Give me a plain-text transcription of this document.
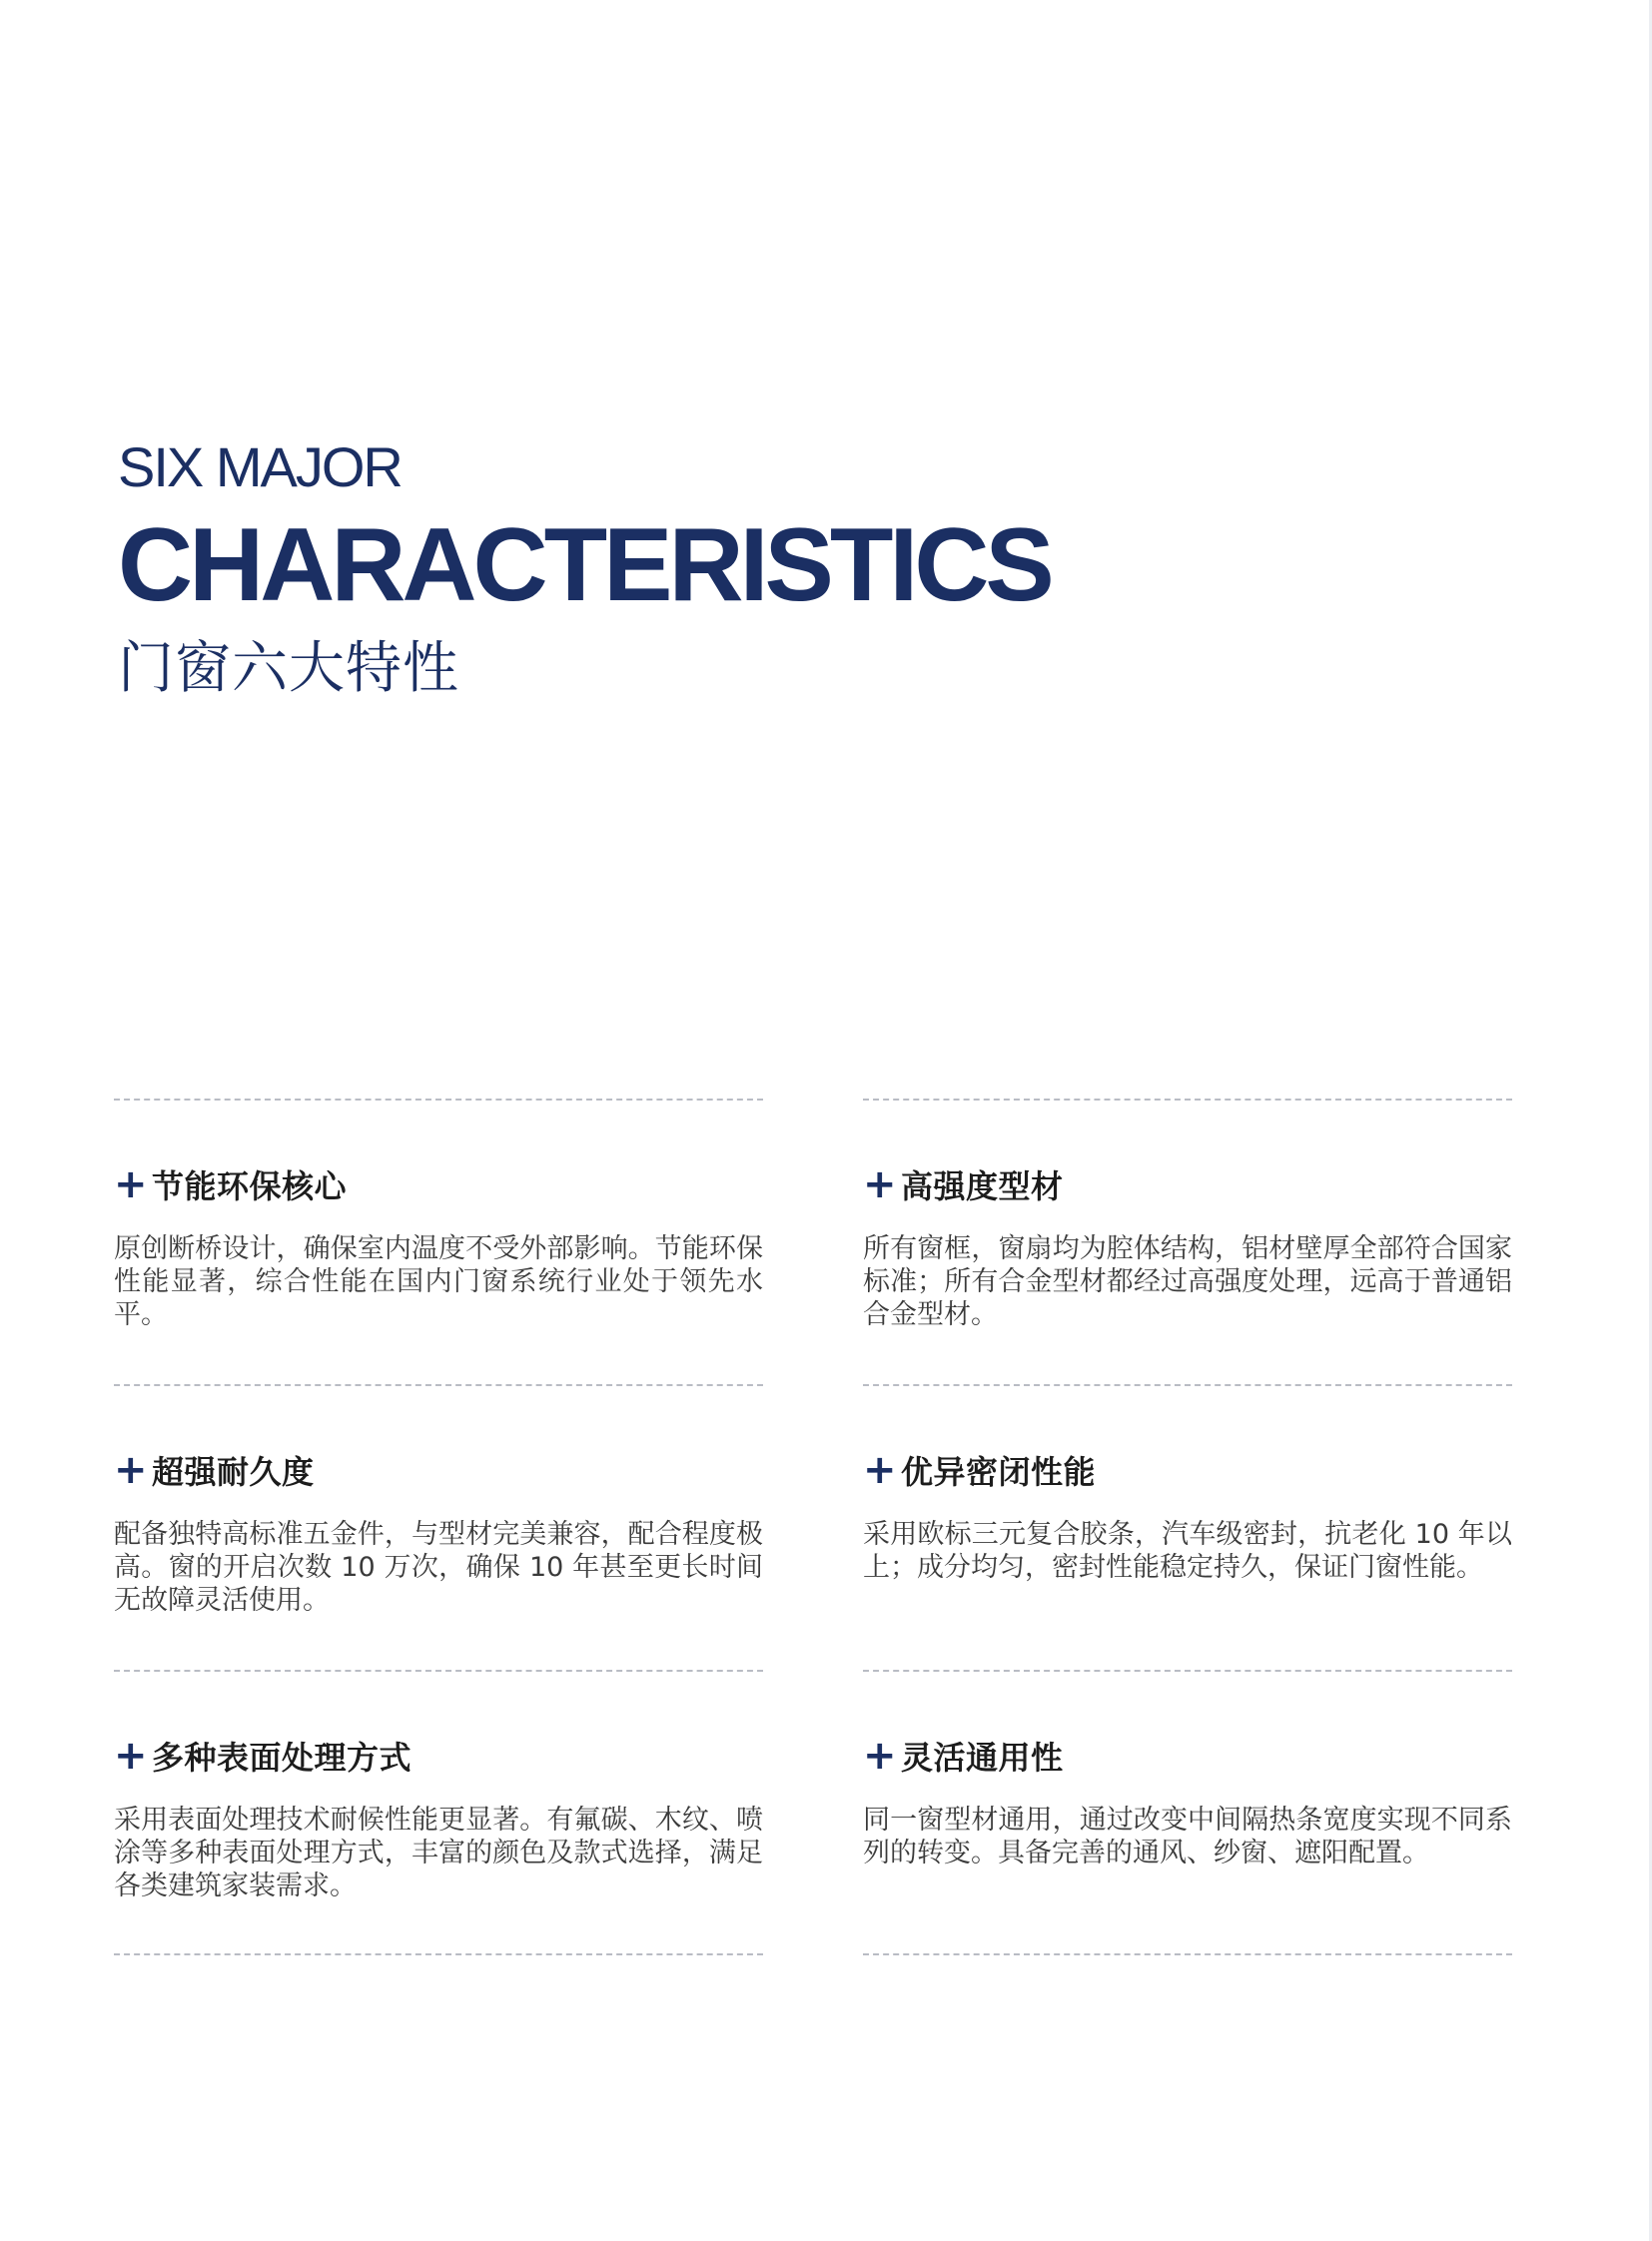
SIX MAJOR
CHARACTERISTICS
门窗六大特性
+ 节能环保核心
原创断桥设计，确保室内温度不受外部影响。节能环保性能显著，综合性能在国内门窗系统行业处于领先水平。
+ 高强度型材
所有窗框，窗扇均为腔体结构，铝材壁厚全部符合国家标准；所有合金型材都经过高强度处理，远高于普通铝合金型材。
+ 超强耐久度
配备独特高标准五金件，与型材完美兼容，配合程度极高。窗的开启次数 10 万次，确保 10 年甚至更长时间无故障灵活使用。
+ 优异密闭性能
采用欧标三元复合胶条，汽车级密封，抗老化 10 年以上；成分均匀，密封性能稳定持久，保证门窗性能。
+ 多种表面处理方式
采用表面处理技术耐候性能更显著。有氟碳、木纹、喷涂等多种表面处理方式，丰富的颜色及款式选择，满足各类建筑家装需求。
+ 灵活通用性
同一窗型材通用，通过改变中间隔热条宽度实现不同系列的转变。具备完善的通风、纱窗、遮阳配置。
